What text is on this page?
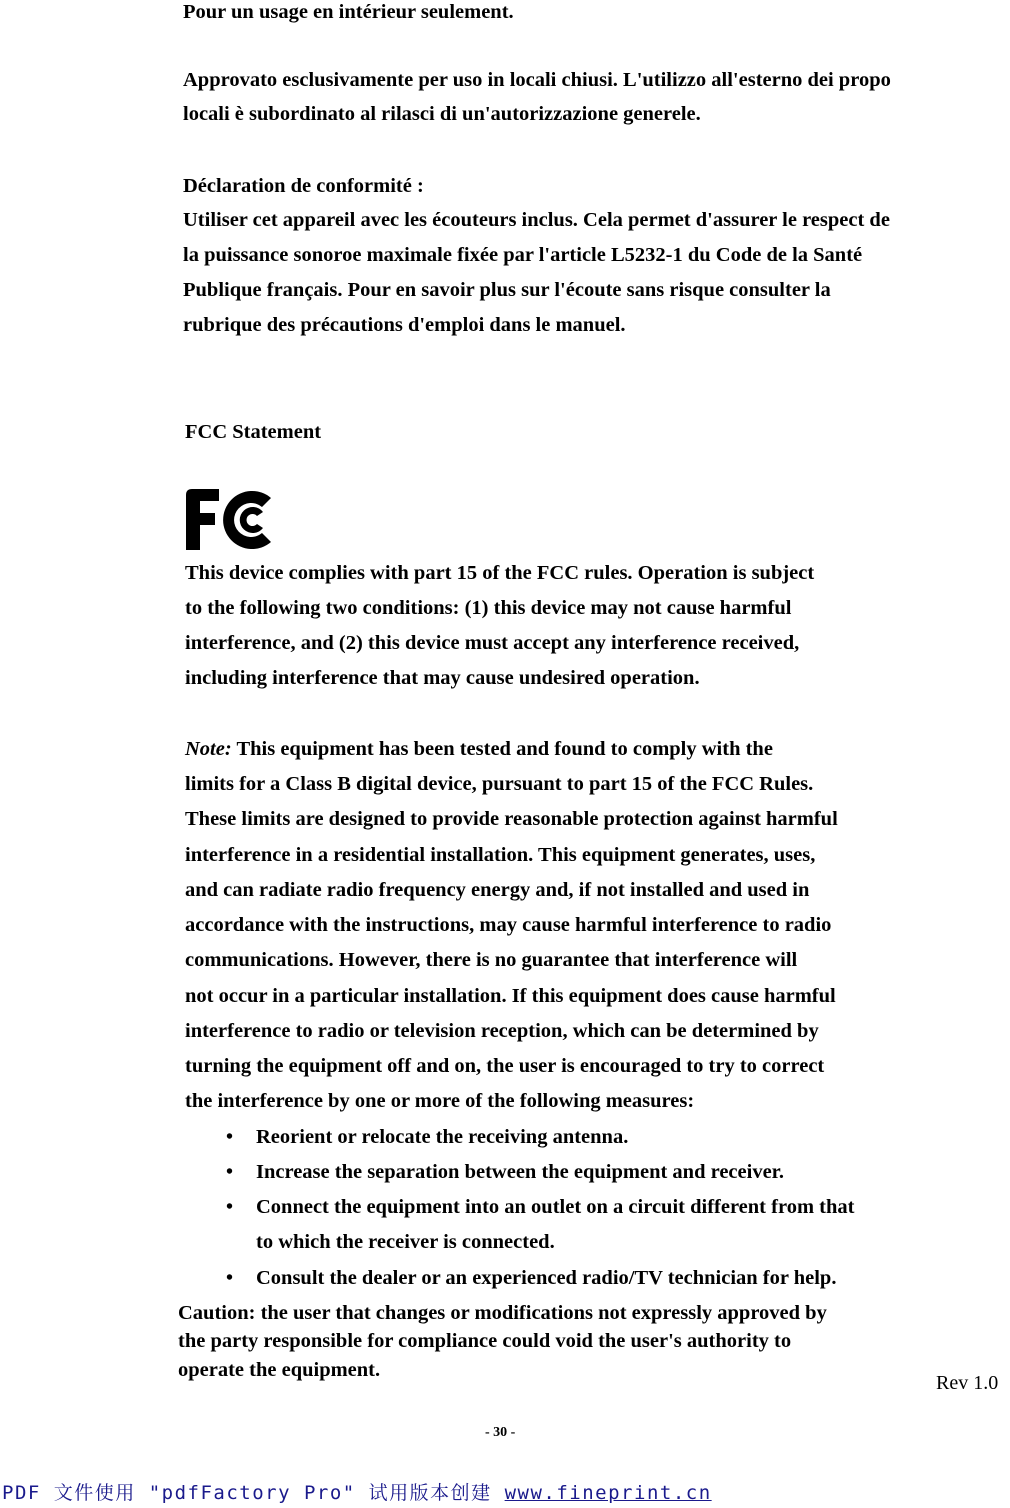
Pour un usage en intérieur seulement.

Approvato esclusivamente per uso in locali chiusi. L'utilizzo all'esterno dei propo

locali è subordinato al rilasci di un'autorizzazione generele.

Déclaration de conformité :

Utiliser cet appareil avec les écouteurs inclus. Cela permet d'assurer le respect de

la puissance sonoroe maximale fixée par l'article L5232-1 du Code de la Santé

Publique français. Pour en savoir plus sur l'écoute sans risque consulter la

rubrique des précautions d'emploi dans le manuel.

FCC Statement

This device complies with part 15 of the FCC rules. Operation is subject

to the following two conditions: (1) this device may not cause harmful

interference, and (2) this device must accept any interference received,

including interference that may cause undesired operation.

Note: This equipment has been tested and found to comply with the

limits for a Class B digital device, pursuant to part 15 of the FCC Rules.

These limits are designed to provide reasonable protection against harmful

interference in a residential installation. This equipment generates, uses,

and can radiate radio frequency energy and, if not installed and used in

accordance with the instructions, may cause harmful interference to radio

communications. However, there is no guarantee that interference will

not occur in a particular installation. If this equipment does cause harmful

interference to radio or television reception, which can be determined by

turning the equipment off and on, the user is encouraged to try to correct

the interference by one or more of the following measures:

• Reorient or relocate the receiving antenna.

• Increase the separation between the equipment and receiver.

• Connect the equipment into an outlet on a circuit different from that

to which the receiver is connected.

• Consult the dealer or an experienced radio/TV technician for help.

Caution: the user that changes or modifications not expressly approved by

the party responsible for compliance could void the user's authority to

operate the equipment.

Rev 1.0
- 30 -
PDF 文件使用 "pdfFactory Pro" 试用版本创建 www.fineprint.cn
